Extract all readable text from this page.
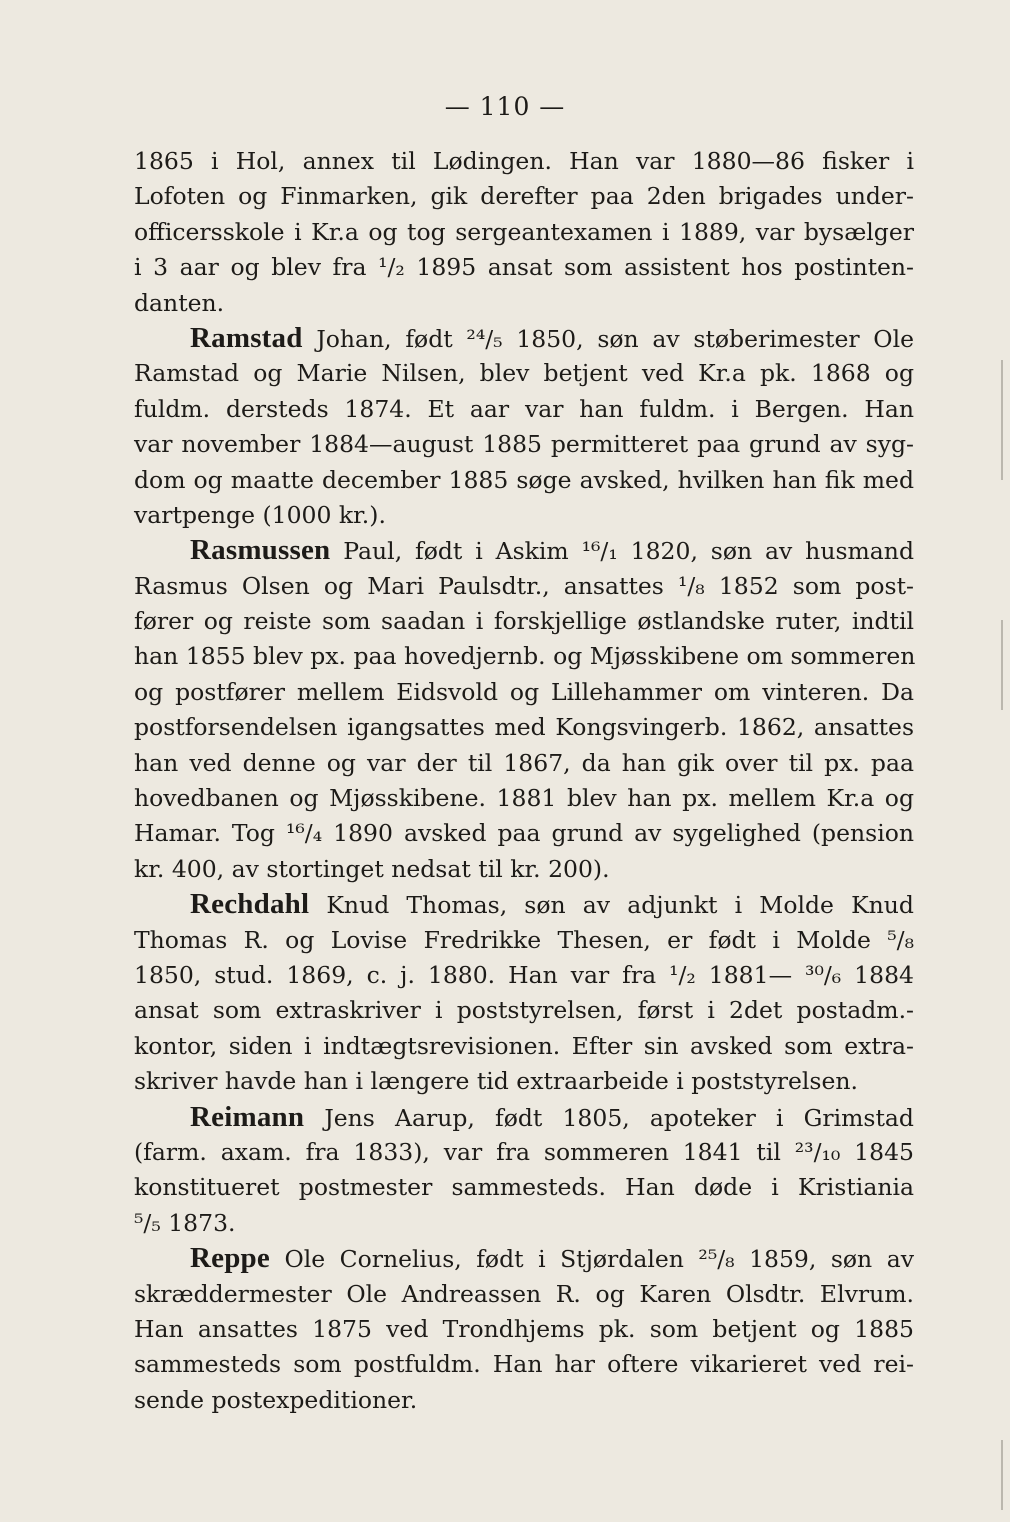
— 110 —
1865 i Hol, annex til Lødingen. Han var 1880—86 fisker i
Lofoten og Finmarken, gik derefter paa 2den brigades under-
officersskole i Kr.a og tog sergeantexamen i 1889, var bysælger
i 3 aar og blev fra ¹/₂ 1895 ansat som assistent hos postinten-
danten.
Ramstad Johan, født ²⁴/₅ 1850, søn av støberimester Ole
Ramstad og Marie Nilsen, blev betjent ved Kr.a pk. 1868 og
fuldm. dersteds 1874. Et aar var han fuldm. i Bergen. Han
var november 1884—august 1885 permitteret paa grund av syg-
dom og maatte december 1885 søge avsked, hvilken han fik med
vartpenge (1000 kr.).
Rasmussen Paul, født i Askim ¹⁶/₁ 1820, søn av husmand
Rasmus Olsen og Mari Paulsdtr., ansattes ¹/₈ 1852 som post-
fører og reiste som saadan i forskjellige østlandske ruter, indtil
han 1855 blev px. paa hovedjernb. og Mjøsskibene om sommeren
og postfører mellem Eidsvold og Lillehammer om vinteren. Da
postforsendelsen igangsattes med Kongsvingerb. 1862, ansattes
han ved denne og var der til 1867, da han gik over til px. paa
hovedbanen og Mjøsskibene. 1881 blev han px. mellem Kr.a og
Hamar. Tog ¹⁶/₄ 1890 avsked paa grund av sygelighed (pension
kr. 400, av stortinget nedsat til kr. 200).
Rechdahl Knud Thomas, søn av adjunkt i Molde Knud
Thomas R. og Lovise Fredrikke Thesen, er født i Molde ⁵/₈
1850, stud. 1869, c. j. 1880. Han var fra ¹/₂ 1881— ³⁰/₆ 1884
ansat som extraskriver i poststyrelsen, først i 2det postadm.-
kontor, siden i indtægtsrevisionen. Efter sin avsked som extra-
skriver havde han i længere tid extraarbeide i poststyrelsen.
Reimann Jens Aarup, født 1805, apoteker i Grimstad
(farm. axam. fra 1833), var fra sommeren 1841 til ²³/₁₀ 1845
konstitueret postmester sammesteds. Han døde i Kristiania
⁵/₅ 1873.
Reppe Ole Cornelius, født i Stjørdalen ²⁵/₈ 1859, søn av
skræddermester Ole Andreassen R. og Karen Olsdtr. Elvrum.
Han ansattes 1875 ved Trondhjems pk. som betjent og 1885
sammesteds som postfuldm. Han har oftere vikarieret ved rei-
sende postexpeditioner.
